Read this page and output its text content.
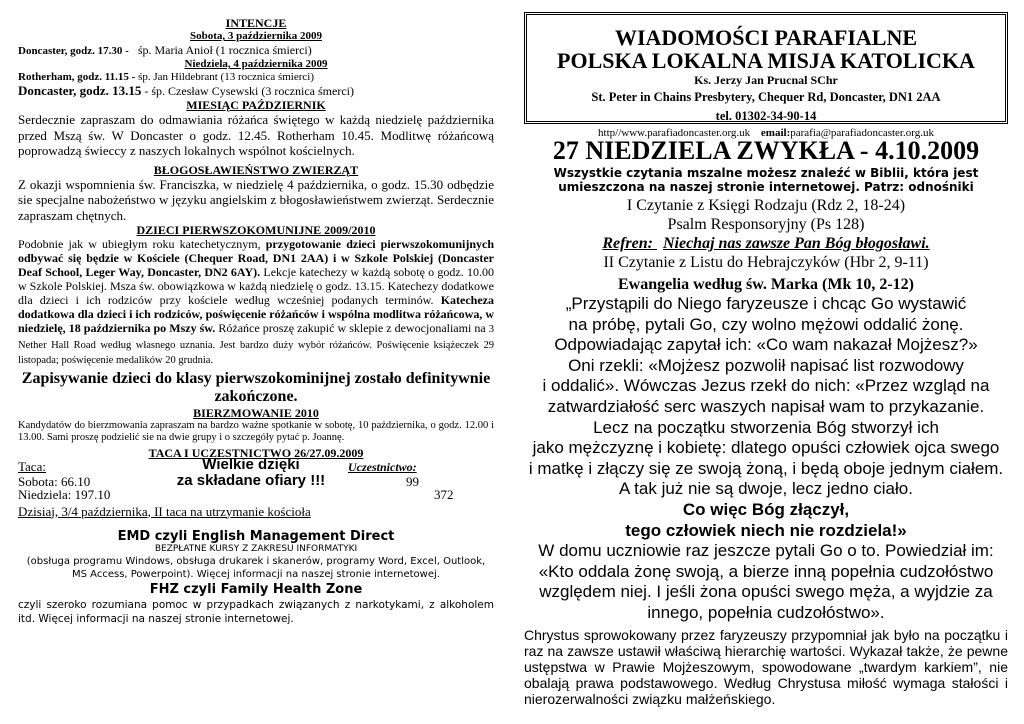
INTENCJE
Sobota, 3 października 2009
Doncaster, godz. 17.30 - śp. Maria Anioł (1 rocznica śmierci)
Niedziela, 4 października 2009
Rotherham, godz. 11.15 - śp. Jan Hildebrant (13 rocznica śmierci)
Doncaster, godz. 13.15 - śp. Czesław Cysewski (3 rocznica śmerci)
MIESIĄC PAŹDZIERNIK

Serdecznie zapraszam do odmawiania różańca świętego w każdą niedzielę października przed Mszą św. W Doncaster o godz. 12.45. Rotherham 10.45. Modlitwę różańcową poprowadzą świeccy z naszych lokalnych wspólnot kościelnych.

BŁOGOSŁAWIEŃSTWO ZWIERZĄT

Z okazji wspomnienia św. Franciszka, w niedzielę 4 października, o godz. 15.30 odbędzie sie specjalne nabożeństwo w języku angielskim z błogosławieństwem zwierząt. Serdecznie zapraszam chętnych.

DZIECI PIERWSZOKOMUNIJNE 2009/2010

Podobnie jak w ubiegłym roku katechetycznym, przygotowanie dzieci pierwszokomunijnych odbywać się będzie w Kościele (Chequer Road, DN1 2AA) i w Szkole Polskiej (Doncaster Deaf School, Leger Way, Doncaster, DN2 6AY). Lekcje katechezy w każdą sobotę o godz. 10.00 w Szkole Polskiej. Msza św. obowiązkowa w każdą niedzielę o godz. 13.15. Katechezy dodatkowe dla dzieci i ich rodziców przy kościele według wcześniej podanych terminów. Katecheza dodatkowa dla dzieci i ich rodziców, poświęcenie różańców i wspólna modlitwa różańcowa, w niedzielę, 18 października po Mszy św. Różańce proszę zakupić w sklepie z dewocjonaliami na 3 Nether Hall Road według własnego uznania. Jest bardzo duży wybór różańców. Poświęcenie książeczek 29 listopada; poświęcenie medalików 20 grudnia.

Zapisywanie dzieci do klasy pierwszokominijnej zostało definitywnie zakończone.
BIERZMOWANIE 2010

Kandydatów do bierzmowania zapraszam na bardzo ważne spotkanie w sobotę, 10 października, o godz. 12.00 i 13.00. Sami proszę podzielić sie na dwie grupy i o szczegóły pytać p. Joannę.

TACA I UCZESTNICTWO 26/27.09.2009
Taca:	Wielkie dzięki
za składane ofiary !!!
Uczestnictwo:
Sobota: 66.10	99
Niedziela: 197.10	372
Dzisiaj, 3/4 października, II taca na utrzymanie kościoła
EMD czyli English Management Direct
BEZPŁATNE KURSY Z ZAKRESU INFORMATYKI
(obsługa programu Windows, obsługa drukarek i skanerów, programy Word, Excel, Outlook, MS Access, Powerpoint). Więcej informacji na naszej stronie internetowej.
FHZ czyli Family Health Zone
czyli szeroko rozumiana pomoc w przypadkach związanych z narkotykami, z alkoholem itd. Więcej informacji na naszej stronie internetowej.
WIADOMOŚCI PARAFIALNE
POLSKA LOKALNA MISJA KATOLICKA
Ks. Jerzy Jan Prucnal SChr
St. Peter in Chains Presbytery, Chequer Rd, Doncaster, DN1 2AA
tel. 01302-34-90-14
http//www.parafiadoncaster.org.uk email:parafia@parafiadoncaster.org.uk
27 NIEDZIELA ZWYKŁA - 4.10.2009
Wszystkie czytania mszalne możesz znaleźć w Biblii, która jest umieszczona na naszej stronie internetowej. Patrz: odnośniki
I Czytanie z Księgi Rodzaju (Rdz 2, 18-24)
Psalm Responsoryjny (Ps 128)
Refren: Niechaj nas zawsze Pan Bóg błogosławi.
II Czytanie z Listu do Hebrajczyków (Hbr 2, 9-11)
Ewangelia według św. Marka (Mk 10, 2-12)
„Przystąpili do Niego faryzeusze i chcąc Go wystawić
na próbę, pytali Go, czy wolno mężowi oddalić żonę.
Odpowiadając zapytał ich: «Co wam nakazał Mojżesz?»
Oni rzekli: «Mojżesz pozwolił napisać list rozwodowy
i oddalić». Wówczas Jezus rzekł do nich: «Przez wzgląd na
zatwardziałość serc waszych napisał wam to przykazanie.
Lecz na początku stworzenia Bóg stworzył ich
jako mężczyznę i kobietę: dlatego opuści człowiek ojca swego
i matkę i złączy się ze swoją żoną, i będą oboje jednym ciałem.
A tak już nie są dwoje, lecz jedno ciało.
Co więc Bóg złączył,
tego człowiek niech nie rozdziela!»
W domu uczniowie raz jeszcze pytali Go o to. Powiedział im:
«Kto oddala żonę swoją, a bierze inną popełnia cudzołóstwo
względem niej. I jeśli żona opuści swego męża, a wyjdzie za
innego, popełnia cudzołóstwo».

Chrystus sprowokowany przez faryzeuszy przypomniał jak było na początku i raz na zawsze ustawił właściwą hierarchię wartości. Wykazał także, że pewne ustępstwa w Prawie Mojżeszowym, spowodowane „twardym karkiem”, nie obalają prawa podstawowego. Według Chrystusa miłość wymaga stałości i nierozerwalności związku małżeńskiego.
